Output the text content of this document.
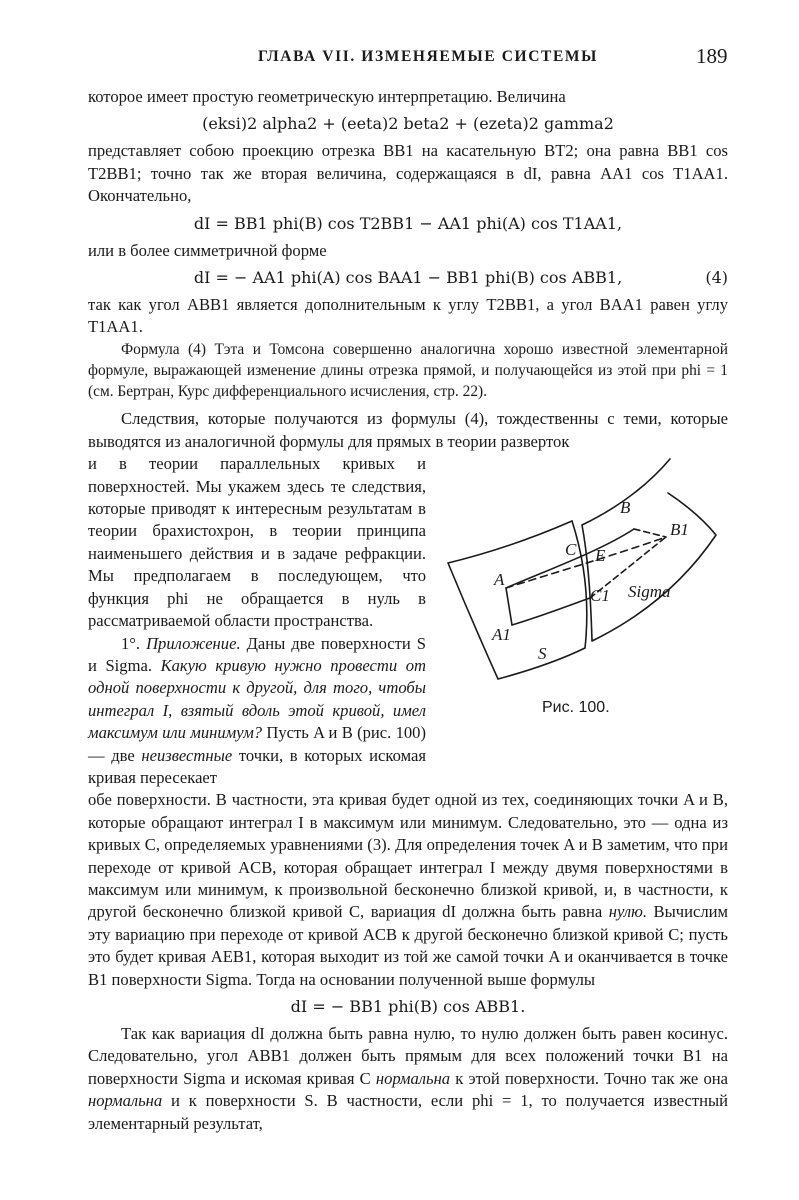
ГЛАВА VII. ИЗМЕНЯЕМЫЕ СИСТЕМЫ	189

которое имеет простую геометрическую интерпретацию. Величина

(eksi)2 alpha2 + (eeta)2 beta2 + (ezeta)2 gamma2

представляет собою проекцию отрезка BB1 на касательную BT2; она равна BB1 cos T2BB1; точно так же вторая величина, содержащаяся в dI, равна AA1 cos T1AA1. Окончательно,

dI = BB1 phi(B) cos T2BB1 − AA1 phi(A) cos T1AA1,

или в более симметричной форме

dI = − AA1 phi(A) cos BAA1 − BB1 phi(B) cos ABB1,	(4)

так как угол ABB1 является дополнительным к углу T2BB1, а угол BAA1 равен углу T1AA1.

Формула (4) Тэта и Томсона совершенно аналогична хорошо известной элементарной формуле, выражающей изменение длины отрезка прямой, и получающейся из этой при phi = 1 (см. Бертран, Курс дифференциального исчисления, стр. 22).

Следствия, которые получаются из формулы (4), тождественны с теми, которые выводятся из аналогичной формулы для прямых в теории разверток

и в теории параллельных кривых и поверхностей. Мы укажем здесь те следствия, которые приводят к интересным результатам в теории брахистохрон, в теории принципа наименьшего действия и в задаче рефракции. Мы предполагаем в последующем, что функция phi не обращается в нуль в рассматриваемой области пространства.

1°. Приложение. Даны две поверхности S и Sigma. Какую кривую нужно провести от одной поверхности к другой, для того, чтобы интеграл I, взятый вдоль этой кривой, имел максимум или минимум? Пусть A и B (рис. 100) — две неизвестные точки, в которых искомая кривая пересекает

A
A1
B
B1
C
C1
E
S
Sigma
Рис. 100.

обе поверхности. В частности, эта кривая будет одной из тех, соединяющих точки A и B, которые обращают интеграл I в максимум или минимум. Следовательно, это — одна из кривых C, определяемых уравнениями (3). Для определения точек A и B заметим, что при переходе от кривой ACB, которая обращает интеграл I между двумя поверхностями в максимум или минимум, к произвольной бесконечно близкой кривой, и, в частности, к другой бесконечно близкой кривой C, вариация dI должна быть равна нулю. Вычислим эту вариацию при переходе от кривой ACB к другой бесконечно близкой кривой C; пусть это будет кривая AEB1, которая выходит из той же самой точки A и оканчивается в точке B1 поверхности Sigma. Тогда на основании полученной выше формулы

dI = − BB1 phi(B) cos ABB1.

Так как вариация dI должна быть равна нулю, то нулю должен быть равен косинус. Следовательно, угол ABB1 должен быть прямым для всех положений точки B1 на поверхности Sigma и искомая кривая C нормальна к этой поверхности. Точно так же она нормальна и к поверхности S. В частности, если phi = 1, то получается известный элементарный результат,
